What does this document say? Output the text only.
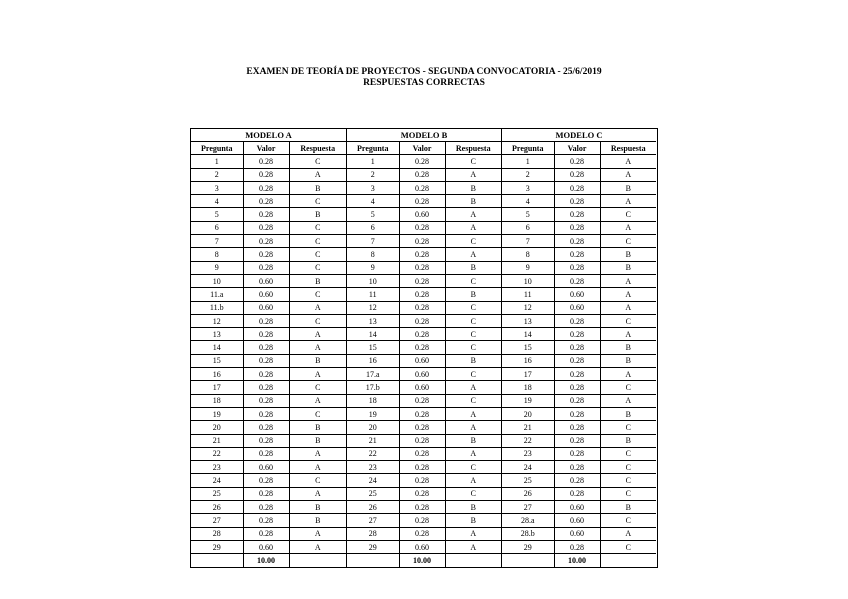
EXAMEN DE TEORÍA DE PROYECTOS - SEGUNDA CONVOCATORIA - 25/6/2019
RESPUESTAS CORRECTAS
MODELO A
Pregunta	Valor	Respuesta
1	0.28	C
2	0.28	A
3	0.28	B
4	0.28	C
5	0.28	B
6	0.28	C
7	0.28	C
8	0.28	C
9	0.28	C
10	0.60	B
11.a	0.60	C
11.b	0.60	A
12	0.28	C
13	0.28	A
14	0.28	A
15	0.28	B
16	0.28	A
17	0.28	C
18	0.28	A
19	0.28	C
20	0.28	B
21	0.28	B
22	0.28	A
23	0.60	A
24	0.28	C
25	0.28	A
26	0.28	B
27	0.28	B
28	0.28	A
29	0.60	A
	10.00	
MODELO B
Pregunta	Valor	Respuesta
1	0.28	C
2	0.28	A
3	0.28	B
4	0.28	B
5	0.60	A
6	0.28	A
7	0.28	C
8	0.28	A
9	0.28	B
10	0.28	C
11	0.28	B
12	0.28	C
13	0.28	C
14	0.28	C
15	0.28	C
16	0.60	B
17.a	0.60	C
17.b	0.60	A
18	0.28	C
19	0.28	A
20	0.28	A
21	0.28	B
22	0.28	A
23	0.28	C
24	0.28	A
25	0.28	C
26	0.28	B
27	0.28	B
28	0.28	A
29	0.60	A
	10.00	
MODELO C
Pregunta	Valor	Respuesta
1	0.28	A
2	0.28	A
3	0.28	B
4	0.28	A
5	0.28	C
6	0.28	A
7	0.28	C
8	0.28	B
9	0.28	B
10	0.28	A
11	0.60	A
12	0.60	A
13	0.28	C
14	0.28	A
15	0.28	B
16	0.28	B
17	0.28	A
18	0.28	C
19	0.28	A
20	0.28	B
21	0.28	C
22	0.28	B
23	0.28	C
24	0.28	C
25	0.28	C
26	0.28	C
27	0.60	B
28.a	0.60	C
28.b	0.60	A
29	0.28	C
	10.00	
